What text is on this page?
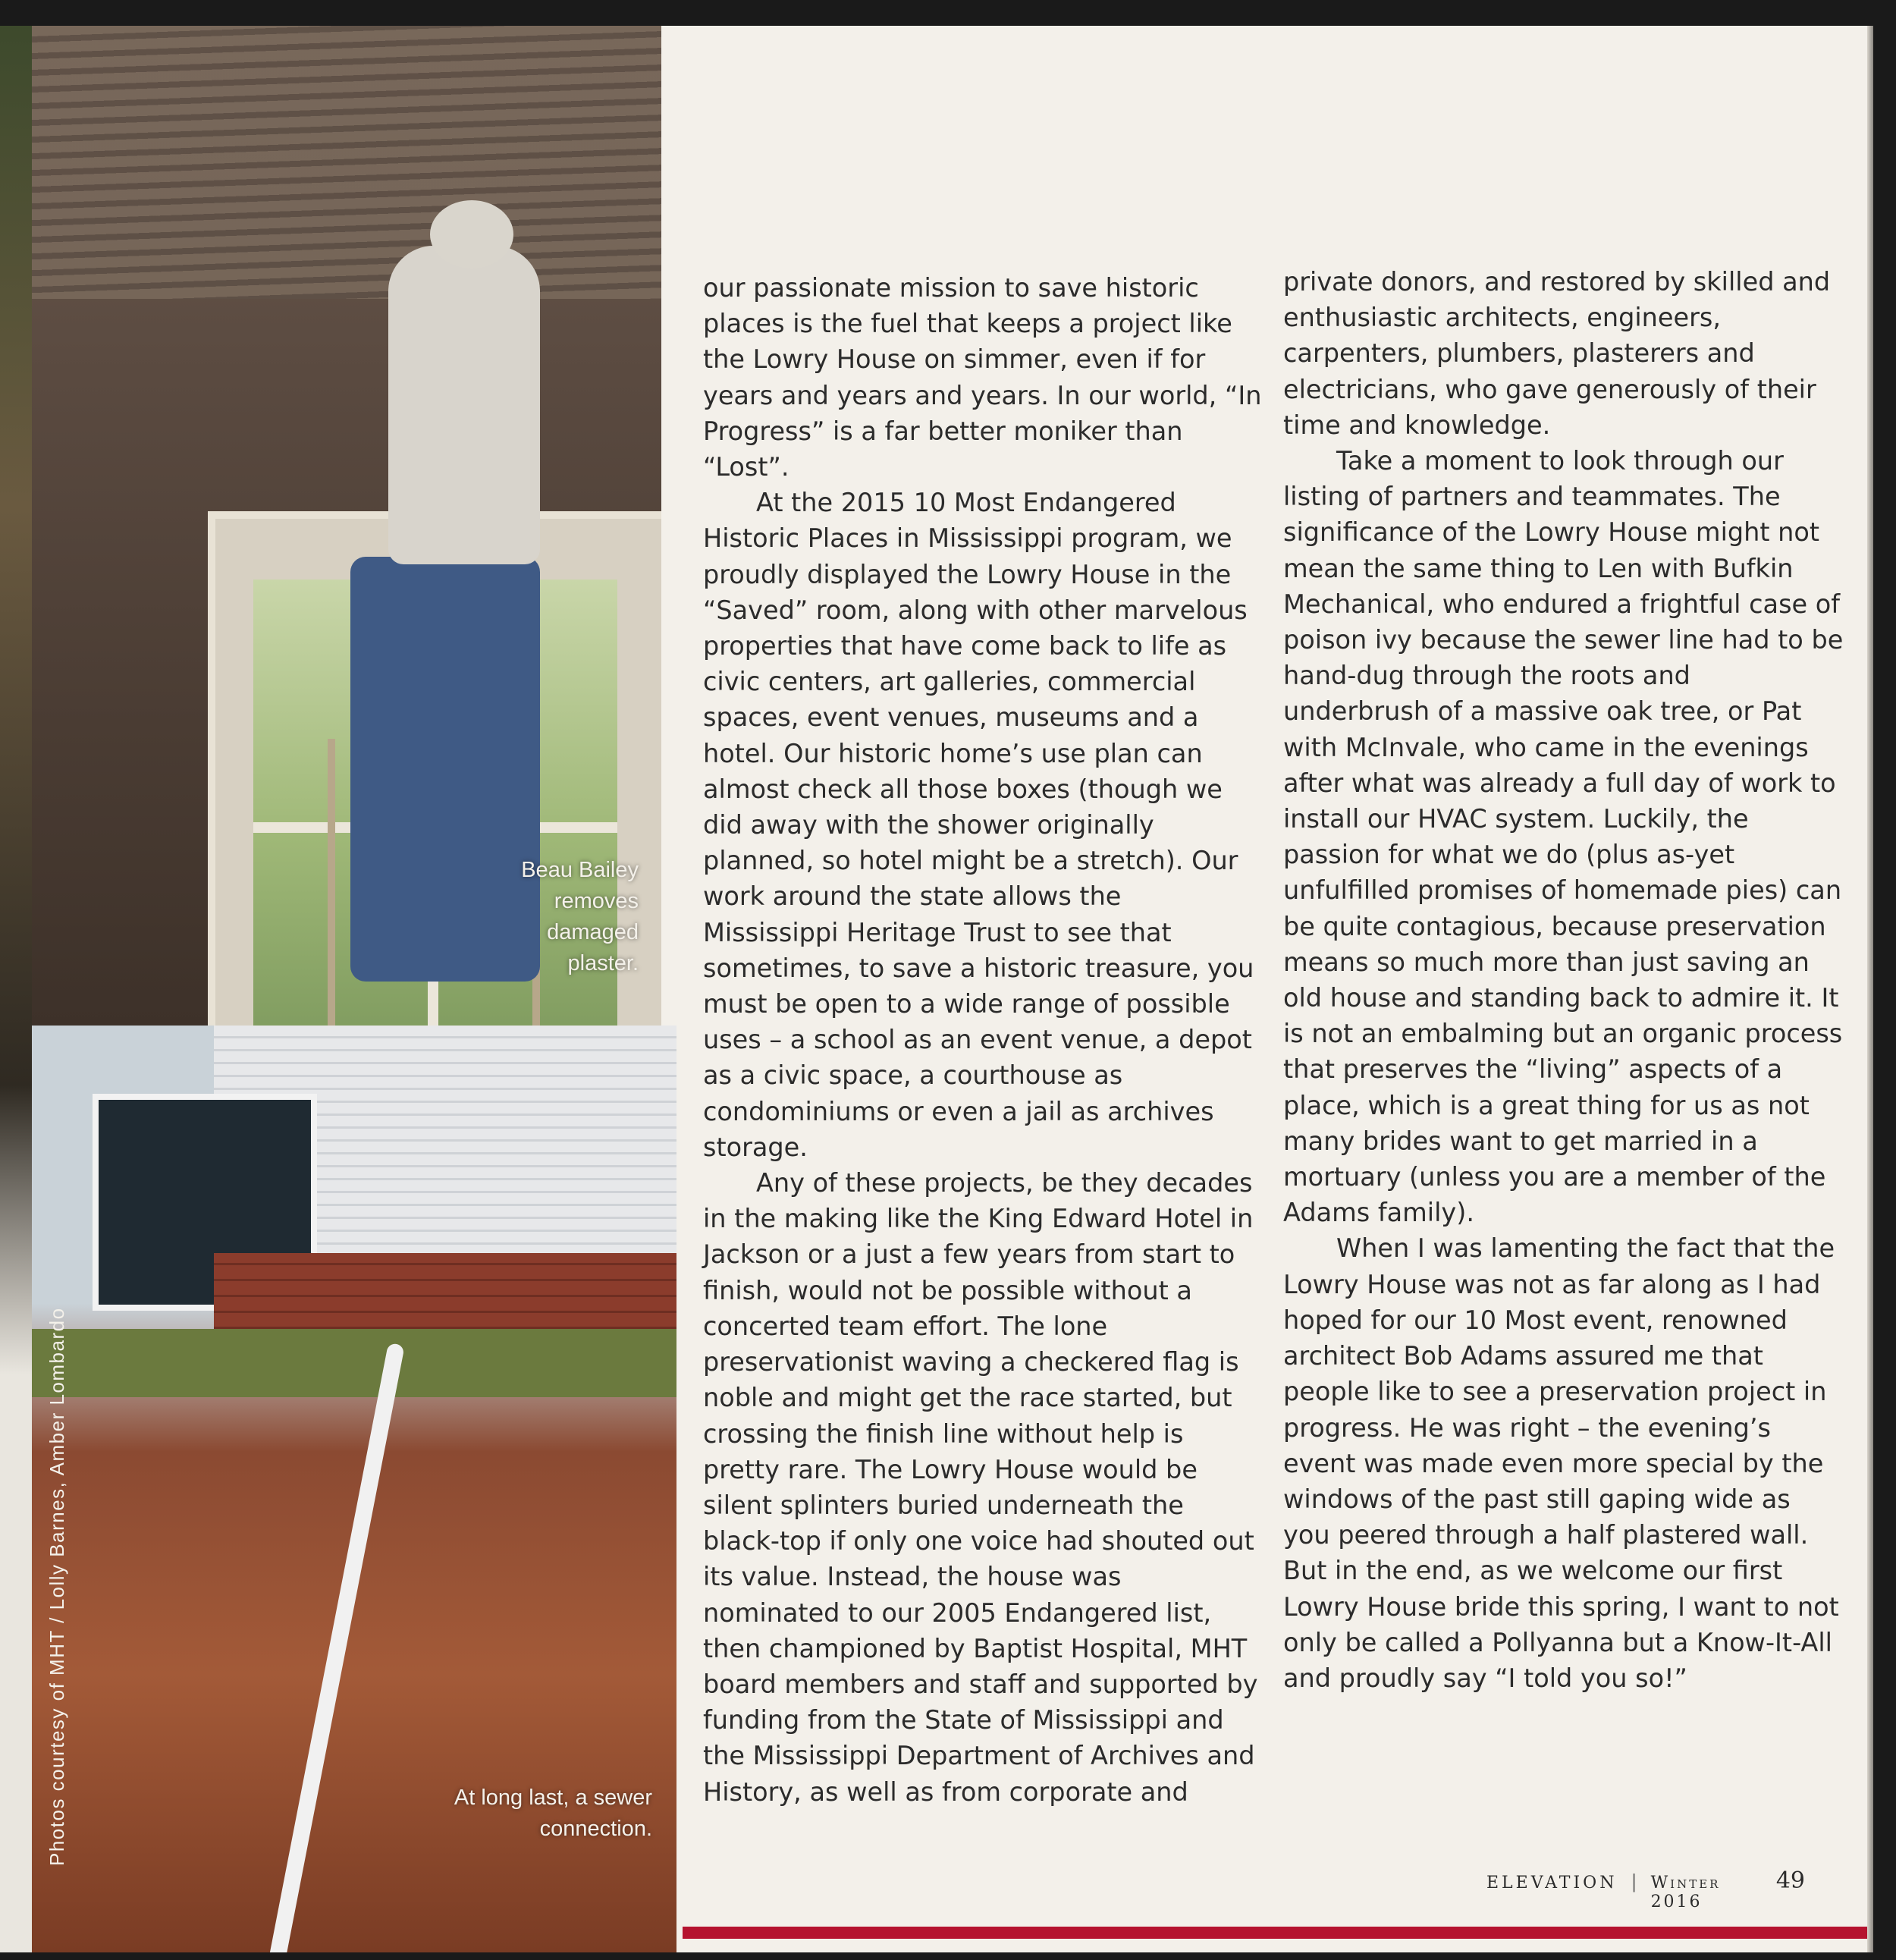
Beau Bailey removes damaged plaster.
At long last, a sewer connection.
Photos courtesy of MHT / Lolly Barnes, Amber Lombardo

our passionate mission to save historic places is the fuel that keeps a project like the Lowry House on simmer, even if for years and years and years. In our world, “In Progress” is a far better moniker than “Lost”.

At the 2015 10 Most Endangered Historic Places in Mississippi program, we proudly displayed the Lowry House in the “Saved” room, along with other marvelous properties that have come back to life as civic centers, art galleries, commercial spaces, event venues, museums and a hotel. Our historic home’s use plan can almost check all those boxes (though we did away with the shower originally planned, so hotel might be a stretch). Our work around the state allows the Mississippi Heritage Trust to see that sometimes, to save a historic treasure, you must be open to a wide range of possible uses – a school as an event venue, a depot as a civic space, a courthouse as condominiums or even a jail as archives storage.

Any of these projects, be they decades in the making like the King Edward Hotel in Jackson or a just a few years from start to finish, would not be possible without a concerted team effort. The lone preservationist waving a checkered flag is noble and might get the race started, but crossing the finish line without help is pretty rare. The Lowry House would be silent splinters buried underneath the black-top if only one voice had shouted out its value. Instead, the house was nominated to our 2005 Endangered list, then championed by Baptist Hospital, MHT board members and staff and supported by funding from the State of Mississippi and the Mississippi Department of Archives and History, as well as from corporate and

private donors, and restored by skilled and enthusiastic architects, engineers, carpenters, plumbers, plasterers and electricians, who gave generously of their time and knowledge.

Take a moment to look through our listing of partners and teammates. The significance of the Lowry House might not mean the same thing to Len with Bufkin Mechanical, who endured a frightful case of poison ivy because the sewer line had to be hand-dug through the roots and underbrush of a massive oak tree, or Pat with McInvale, who came in the evenings after what was already a full day of work to install our HVAC system. Luckily, the passion for what we do (plus as-yet unfulfilled promises of homemade pies) can be quite contagious, because preservation means so much more than just saving an old house and standing back to admire it. It is not an embalming but an organic process that preserves the “living” aspects of a place, which is a great thing for us as not many brides want to get married in a mortuary (unless you are a member of the Adams family).

When I was lamenting the fact that the Lowry House was not as far along as I had hoped for our 10 Most event, renowned architect Bob Adams assured me that people like to see a preservation project in progress. He was right – the evening’s event was made even more special by the windows of the past still gaping wide as you peered through a half plastered wall. But in the end, as we welcome our first Lowry House bride this spring, I want to not only be called a Pollyanna but a Know-It-All and proudly say “I told you so!”

ELEVATION | Winter 2016
49
